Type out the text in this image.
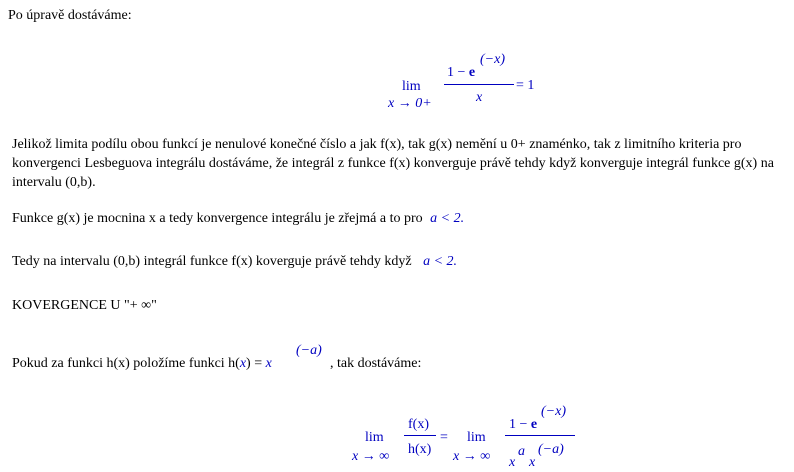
Po úpravě dostáváme:
lim
x → 0+
1 − e
(−x)
x
= 1
Jelikož limita podílu obou funkcí je nenulové konečné číslo a jak f(x), tak g(x) nemění u 0+ znaménko, tak z limitního kriteria pro konvergenci Lesbeguova integrálu dostáváme, že integrál z funkce f(x) konverguje právě tehdy když konverguje integrál funkce g(x) na intervalu (0,b).
Funkce g(x) je mocnina x a tedy konvergence integrálu je zřejmá a to pro a < 2.
Tedy na intervalu (0,b) integrál funkce f(x) koverguje právě tehdy když a < 2.
KOVERGENCE U "+ ∞"
Pokud za funkci h(x) položíme funkci h(x) = x
(−a)
, tak dostáváme:
lim
x → ∞
f(x)
h(x)
= lim
x → ∞
1 − e
(−x)
x
a
x
(−a)
